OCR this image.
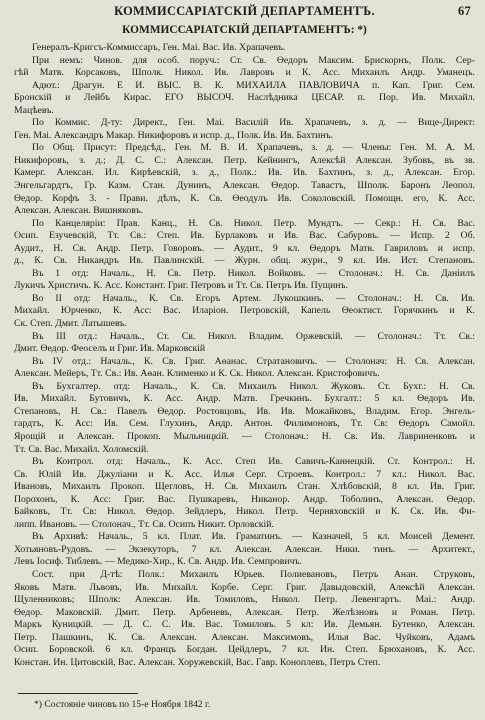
КОММИССАРІАТСКІЙ ДЕПАРТАМЕНТЪ.	67
КОММИССАРІАТСКІЙ ДЕПАРТАМЕНТЪ: *)
Генералъ-Кригсъ-Коммиссаръ, Ген. Маі. Вас. Ив. Храпачевъ.
При немъ: Чинов. для особ. поруч.: Ст. Св. Ѳедоръ Максим. Брискорнъ, Полк. Сер-
гѣй Матв. Корсаковъ, Шполк. Никол. Ив. Лавровъ и К. Асс. Михаилъ Андр. Уманецъ.
Адют.: Драгун. Е И. ВЫС. В. К. МИХАИЛА ПАВЛОВИЧА п. Кап. Григ. Сем.
Бронскій и Лейбъ Кирас. ЕГО ВЫСОЧ. Наслѣдника ЦЕСАР. п. Пор. Ив. Михайл.
Мацѣевъ.
По Коммис. Д-ту: Директ., Ген. Маі. Василій Ив. Храпачевъ, з. д. — Вице-Директ:
Ген. Маі. Александръ Макар. Никифоровъ и испр. д., Полк. Ив. Ив. Бахтинъ.
По Общ. Присут: Предсѣд., Ген. М. В. И. Храпачевъ, з. д. — Члены: Ген. М. А. М.
Никифоровъ, з. д.; Д. С. С.: Алексан. Петр. Кейнингъ, Алексѣй Алексан. Зубовъ, въ зв.
Камерг. Алексан. Ил. Кирѣевскій, з. д., Полк.: Ив. Ив. Бахтинъ, з. д., Алексан. Егор.
Энгельгардтъ, Гр. Казм. Стан. Дунинъ, Алексан. Ѳедор. Тавастъ, Шполк. Баронъ Леопол.
Ѳедор. Корфъ 3. - Прави. дѣлъ, К. Св. Ѳеодулъ Ив. Соколовскій. Помощн. его, К. Асс.
Алексан. Алексан. Вишняковъ.
По Канцеляріи: Прав. Канц., Н. Св. Никол. Петр. Мундтъ. — Секр.: Н. Св. Вас.
Осип. Езучевскій, Тт. Св.: Степ. Ив. Бурлаковъ и Ив. Вас. Сабуровъ. — Испр. 2 Об.
Аудит., Н. Св. Андр. Петр. Говоровъ. — Аудит., 9 кл. Ѳедоръ Матв. Гавриловъ и испр.
д., К. Св. Никандръ Ив. Павлинскій. — Журн. общ. журн., 9 кл. Ин. Ист. Степановъ.
Въ 1 отд: Началь., Н. Св. Петр. Никол. Войковъ. — Столонач.: Н. Св. Даніилъ
Лукичъ Христичъ. К. Асс. Констант. Григ. Петровъ и Тт. Св. Петръ Ив. Пущинъ.
Во II отд: Началь., К. Св. Егоръ Артем. Лукошкинъ. — Столонач.: Н. Св. Ив.
Михайл. Юрченко, К. Асс: Вас. Иларіон. Петровскій, Капель Ѳеоктист. Горячкинъ и К.
Ск. Степ. Дмит. Латышевъ.
Въ III отд.: Началь., Ст. Св. Никол. Владим. Оржевскій. — Столонач.: Тт. Св.:
Дмит. Ѳедор. Феоселъ и Григ. Ив. Марковскій
Въ IV отд.: Началь., К. Св. Григ. Аѳанас. Стратановичъ. — Столонач: Н. Св. Алексан.
Алексан. Мейеръ, Тт. Св.: Ив. Аѳан. Клименко и К. Ск. Никол. Алексан. Кристофовичъ.
Въ Бухгалтер. отд: Началь., К. Св. Михаилъ Никол. Жуковъ. Ст. Бухг.: Н. Св.
Ив. Михайл. Бутовичъ, К. Асс. Андр. Матв. Гречкинъ. Бухгалт.: 5 кл. Ѳедоръ Ив.
Степановъ, Н. Св.: Павелъ Ѳедор. Ростовцовъ, Ив. Ив. Можайковъ, Владим. Егор. Энгель-
гардтъ, К. Асс: Ив. Сем. Глухинъ, Андр. Антон. Филимоновъ, Тт. Св: Ѳедоръ Самойл.
Ярощій и Алексан. Прокоп. Мыльницкій. — Столонач.: Н. Св. Ив. Лавриненковъ и
Тт. Св. Вас. Михайл. Холомскій.
Въ Контрол. отд: Началь., К. Асс. Степ Ив. Савичъ-Каннецкій. Ст. Контрол.: Н.
Св. Юлій Ив. Джуліани и К. Асс. Илья Серг. Строевъ. Контрол.: 7 кл.: Никол. Вас.
Ивановъ, Михаилъ Прокоп. Щегловъ, Н. Св. Михаилъ Стан. Хлѣбовскій, 8 кл. Ив. Григ.
Порохонъ, К. Асс: Григ. Вас. Пушкаревъ, Никанор. Андр. Тоболинъ, Алексан. Ѳедор.
Байковъ, Тт. Св: Никол. Ѳедор. Зейдлеръ, Никол. Петр. Черняховскій и К. Ск. Ив. Фи-
липп. Ивановъ. — Столонач., Тт. Св. Осипъ Никит. Орловскій.
Въ Архивѣ: Началь., 5 кл. Плат. Ив. Граматинъ. — Казначей, 5 кл. Моисей Демент.
Хотьяновъ-Рудовъ. — Экзекуторъ, 7 кл. Алексан. Алексан. Ники. тинъ. — Архитект.,
Левъ Іосиф. Тиблевъ. — Медико-Хир., К. Св. Андр. Ив. Семпровичъ.
Сост. при Д-тѣ: Полк.: Михаилъ Юрьев. Полиевановъ, Петръ Анан. Струковъ,
Яковъ Матв. Львовъ, Ив. Михайл. Корбе. Серг. Григ. Давыдовскій, Алексѣй Алексан.
Щуленниковъ; Шполк: Алексан. Ив. Томиловъ, Никол. Петр. Левенгартъ. Маі.: Андр.
Ѳедор. Маковскій. Дмит. Петр. Арбеневъ, Алексан. Петр. Желѣзновъ и Роман. Петр.
Маркъ Куницкій. — Д. С. С. Ив. Вас. Томиловъ. 5 кл: Ив. Демьян. Бутенко, Алексан.
Петр. Пашкинъ, К. Св. Алексан. Алексан. Максимовъ, Илья Вас. Чуйковъ, Адамъ
Осип. Боровской. 6 кл. Францъ Богдан. Цейдлеръ, 7 кл. Ин. Степ. Брюхановъ, К. Асс.
Констан. Ин. Цитовскій, Вас. Алексан. Хоружевскій, Вас. Гавр. Коноплевъ, Петръ Степ.
*) Состояніе чиновъ по 15-е Ноября 1842 г.
